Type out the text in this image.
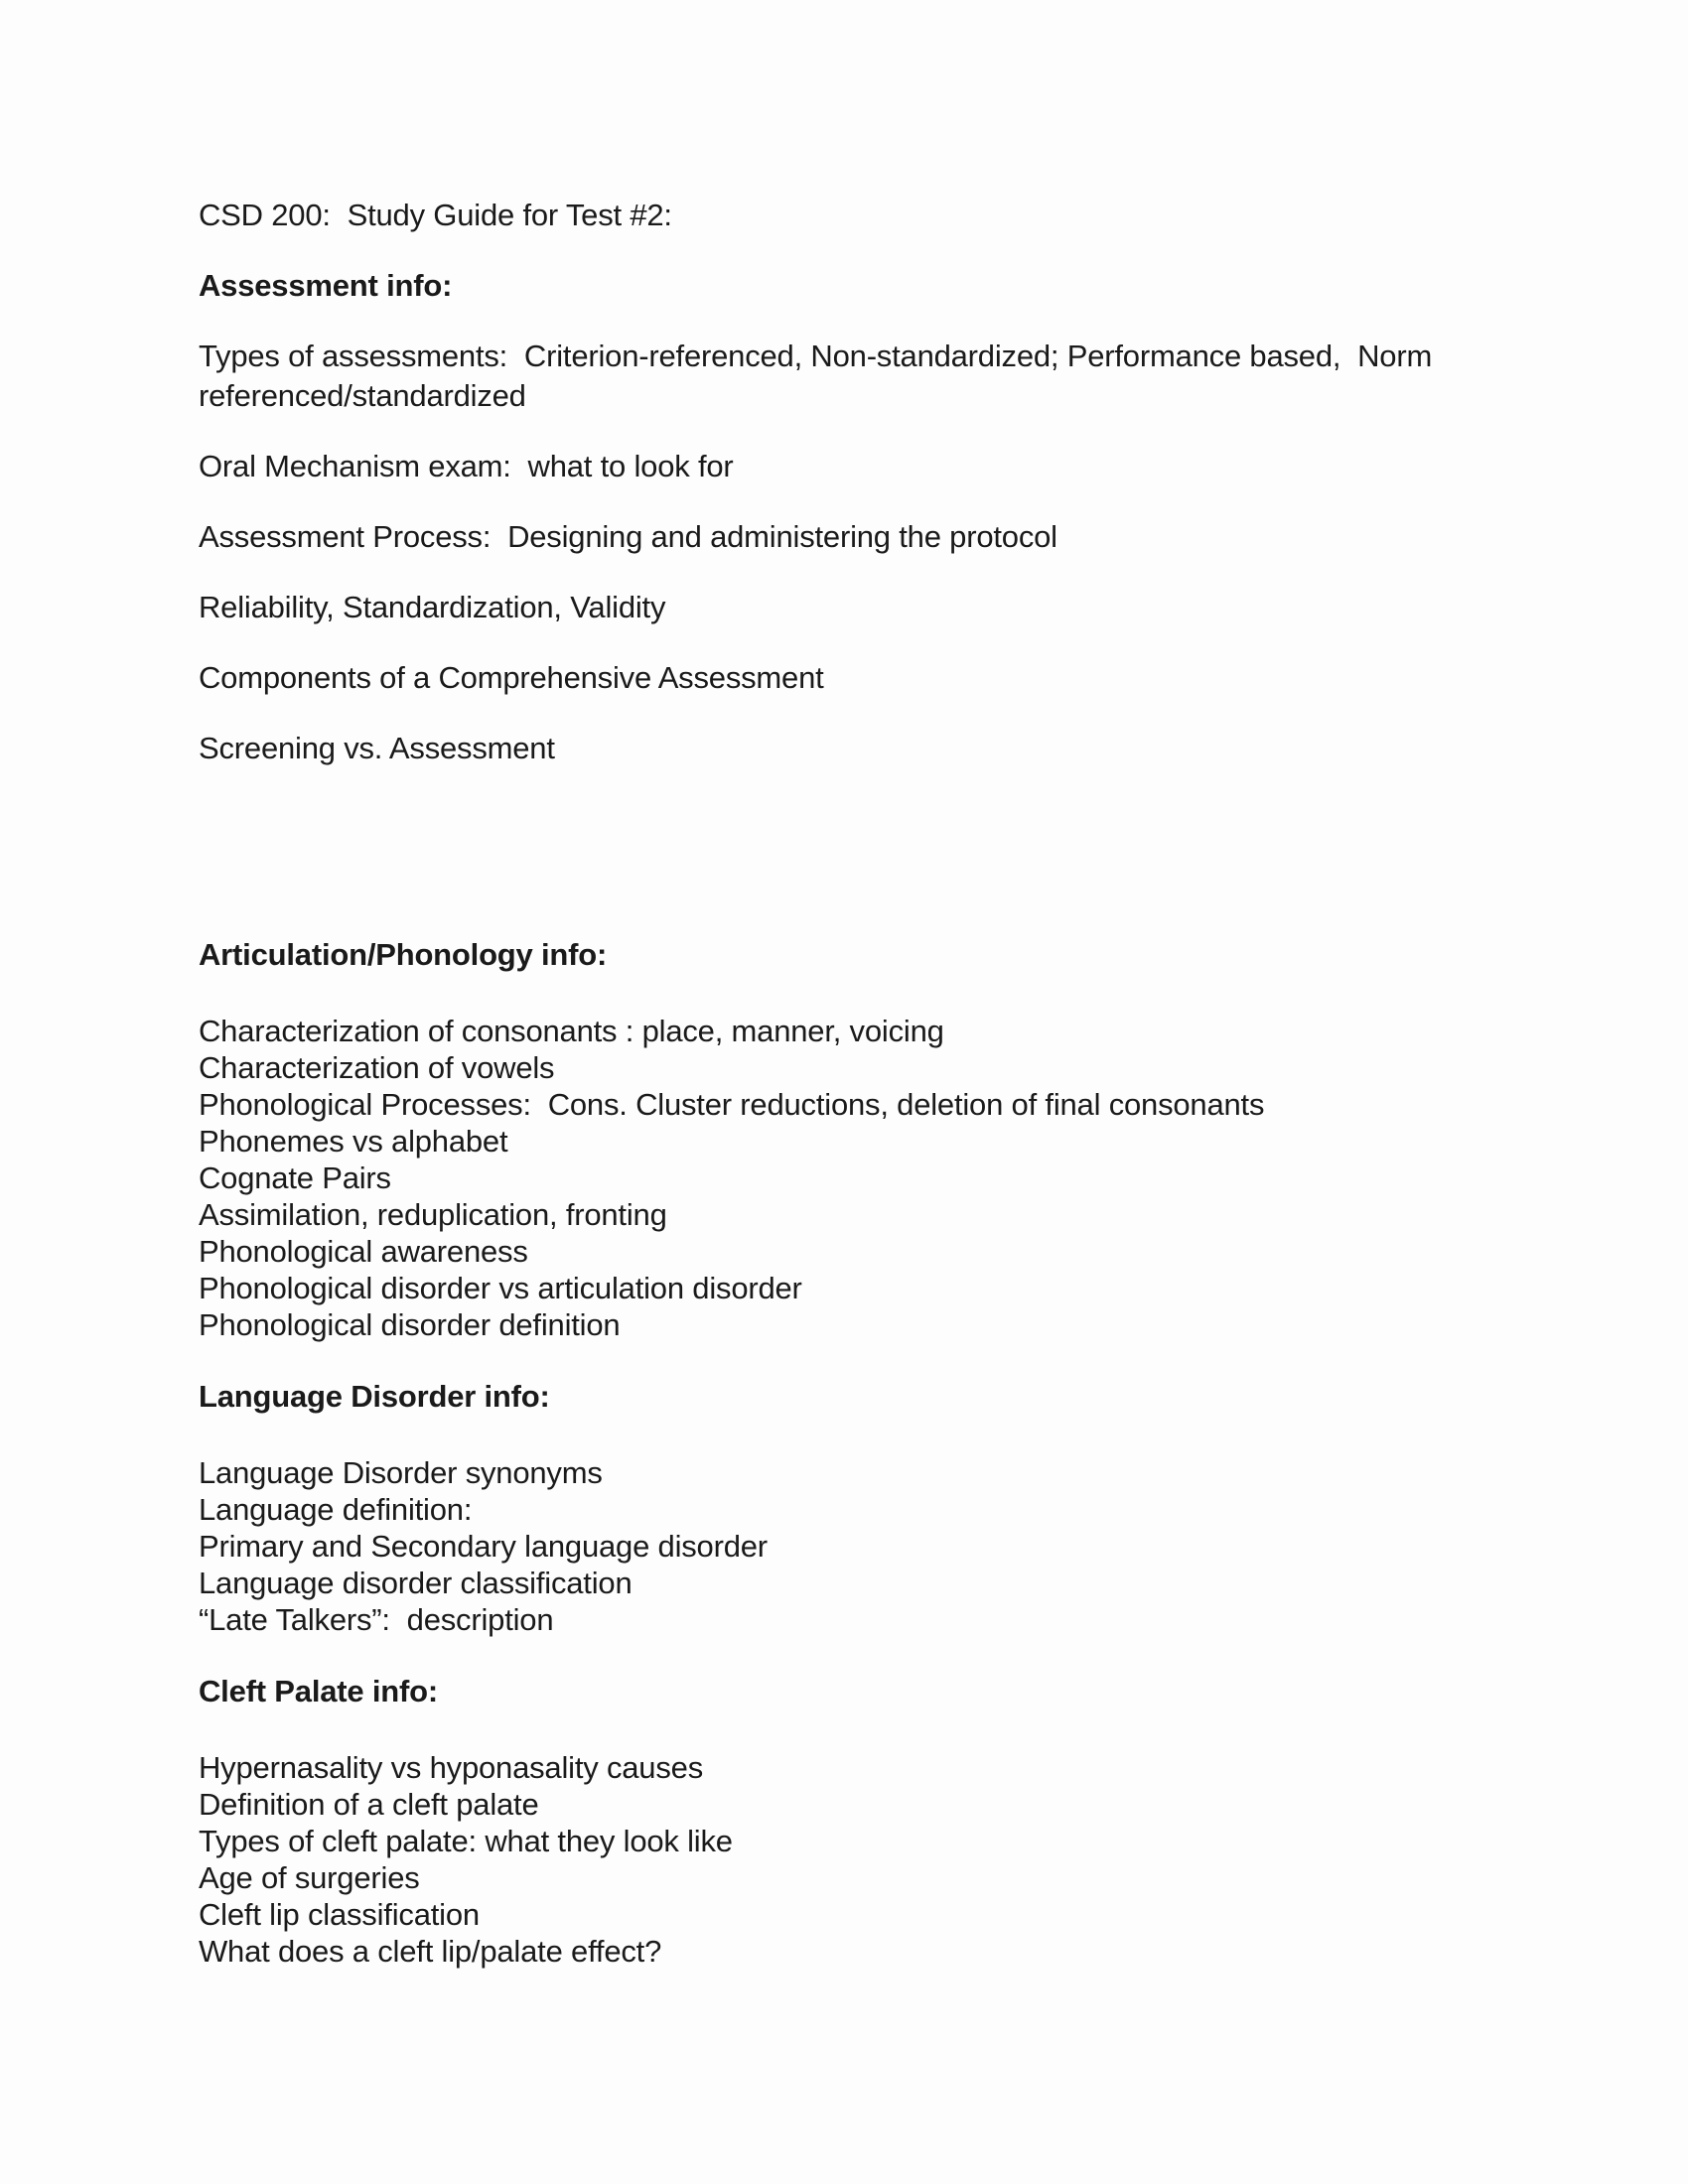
CSD 200:  Study Guide for Test #2:

Assessment info:

Types of assessments:  Criterion-referenced, Non-standardized; Performance based,  Norm
referenced/standardized

Oral Mechanism exam:  what to look for

Assessment Process:  Designing and administering the protocol

Reliability, Standardization, Validity

Components of a Comprehensive Assessment

Screening vs. Assessment

Articulation/Phonology info:

Characterization of consonants : place, manner, voicing
Characterization of vowels
Phonological Processes:  Cons. Cluster reductions, deletion of final consonants
Phonemes vs alphabet
Cognate Pairs
Assimilation, reduplication, fronting
Phonological awareness
Phonological disorder vs articulation disorder
Phonological disorder definition

Language Disorder info:

Language Disorder synonyms
Language definition:
Primary and Secondary language disorder
Language disorder classification
“Late Talkers”:  description

Cleft Palate info:

Hypernasality vs hyponasality causes
Definition of a cleft palate
Types of cleft palate: what they look like
Age of surgeries
Cleft lip classification
What does a cleft lip/palate effect?
